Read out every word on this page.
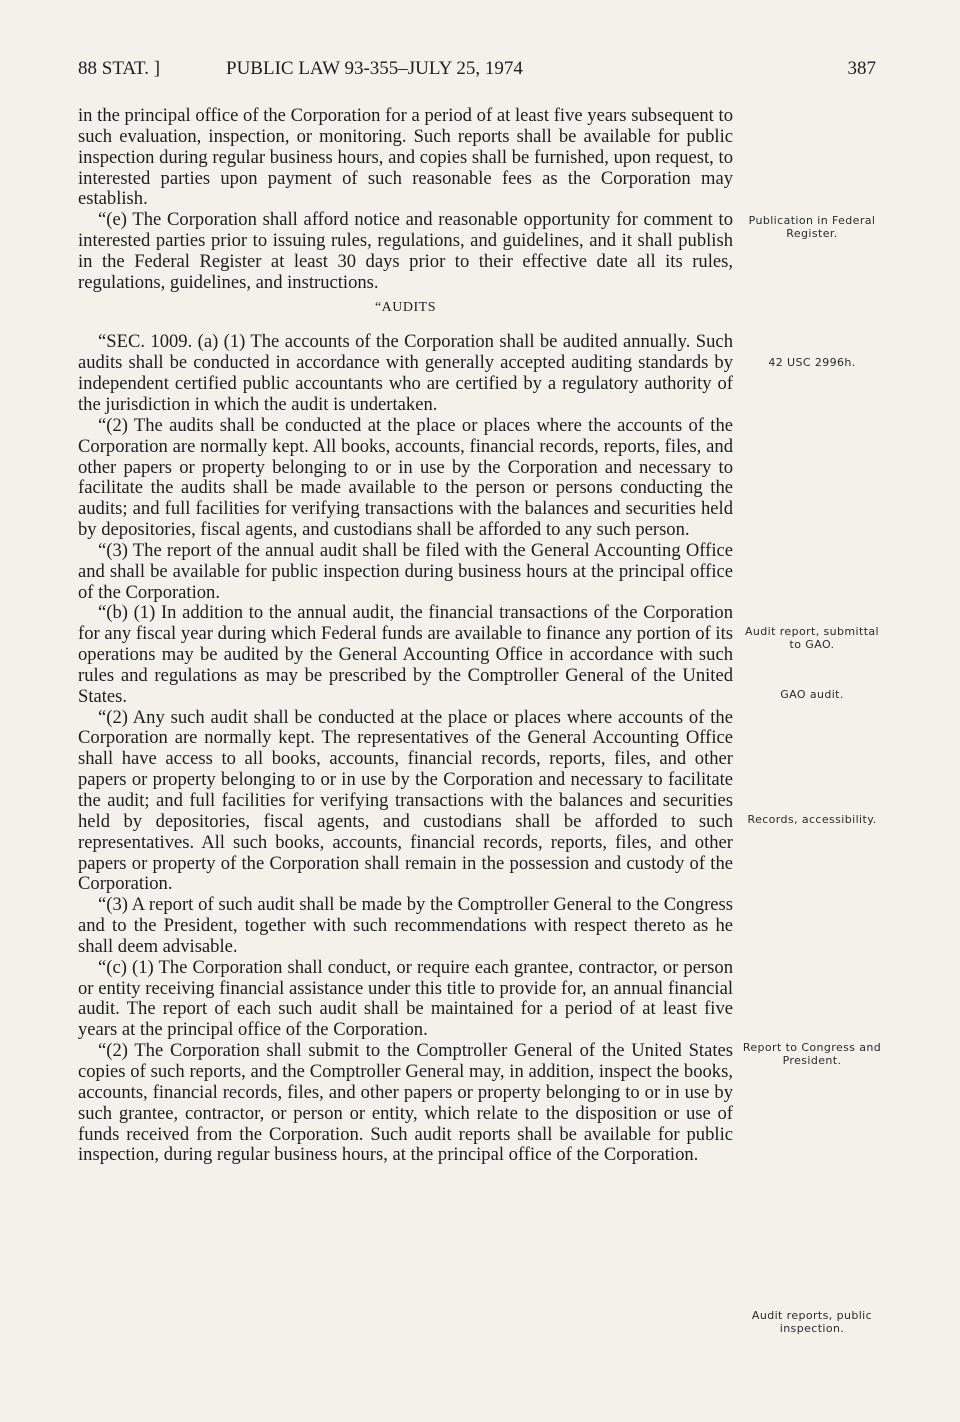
88 STAT. ]	PUBLIC LAW 93-355–JULY 25, 1974	387

in the principal office of the Corporation for a period of at least five years subsequent to such evaluation, inspection, or monitoring. Such reports shall be available for public inspection during regular business hours, and copies shall be furnished, upon request, to interested parties upon payment of such reasonable fees as the Corporation may establish.

“(e) The Corporation shall afford notice and reasonable opportunity for comment to interested parties prior to issuing rules, regulations, and guidelines, and it shall publish in the Federal Register at least 30 days prior to their effective date all its rules, regulations, guidelines, and instructions.

“AUDITS

“SEC. 1009. (a) (1) The accounts of the Corporation shall be audited annually. Such audits shall be conducted in accordance with generally accepted auditing standards by independent certified public accountants who are certified by a regulatory authority of the jurisdiction in which the audit is undertaken.

“(2) The audits shall be conducted at the place or places where the accounts of the Corporation are normally kept. All books, accounts, financial records, reports, files, and other papers or property belonging to or in use by the Corporation and necessary to facilitate the audits shall be made available to the person or persons conducting the audits; and full facilities for verifying transactions with the balances and securities held by depositories, fiscal agents, and custodians shall be afforded to any such person.

“(3) The report of the annual audit shall be filed with the General Accounting Office and shall be available for public inspection during business hours at the principal office of the Corporation.

“(b) (1) In addition to the annual audit, the financial transactions of the Corporation for any fiscal year during which Federal funds are available to finance any portion of its operations may be audited by the General Accounting Office in accordance with such rules and regulations as may be prescribed by the Comptroller General of the United States.

“(2) Any such audit shall be conducted at the place or places where accounts of the Corporation are normally kept. The representatives of the General Accounting Office shall have access to all books, accounts, financial records, reports, files, and other papers or property belonging to or in use by the Corporation and necessary to facilitate the audit; and full facilities for verifying transactions with the balances and securities held by depositories, fiscal agents, and custodians shall be afforded to such representatives. All such books, accounts, financial records, reports, files, and other papers or property of the Corporation shall remain in the possession and custody of the Corporation.

“(3) A report of such audit shall be made by the Comptroller General to the Congress and to the President, together with such recommendations with respect thereto as he shall deem advisable.

“(c) (1) The Corporation shall conduct, or require each grantee, contractor, or person or entity receiving financial assistance under this title to provide for, an annual financial audit. The report of each such audit shall be maintained for a period of at least five years at the principal office of the Corporation.

“(2) The Corporation shall submit to the Comptroller General of the United States copies of such reports, and the Comptroller General may, in addition, inspect the books, accounts, financial records, files, and other papers or property belonging to or in use by such grantee, contractor, or person or entity, which relate to the disposition or use of funds received from the Corporation. Such audit reports shall be available for public inspection, during regular business hours, at the principal office of the Corporation.

Publication in Federal Register.
42 USC 2996h.
Audit report, submittal to GAO.
GAO audit.
Records, accessibility.
Report to Congress and President.
Audit reports, public inspection.
